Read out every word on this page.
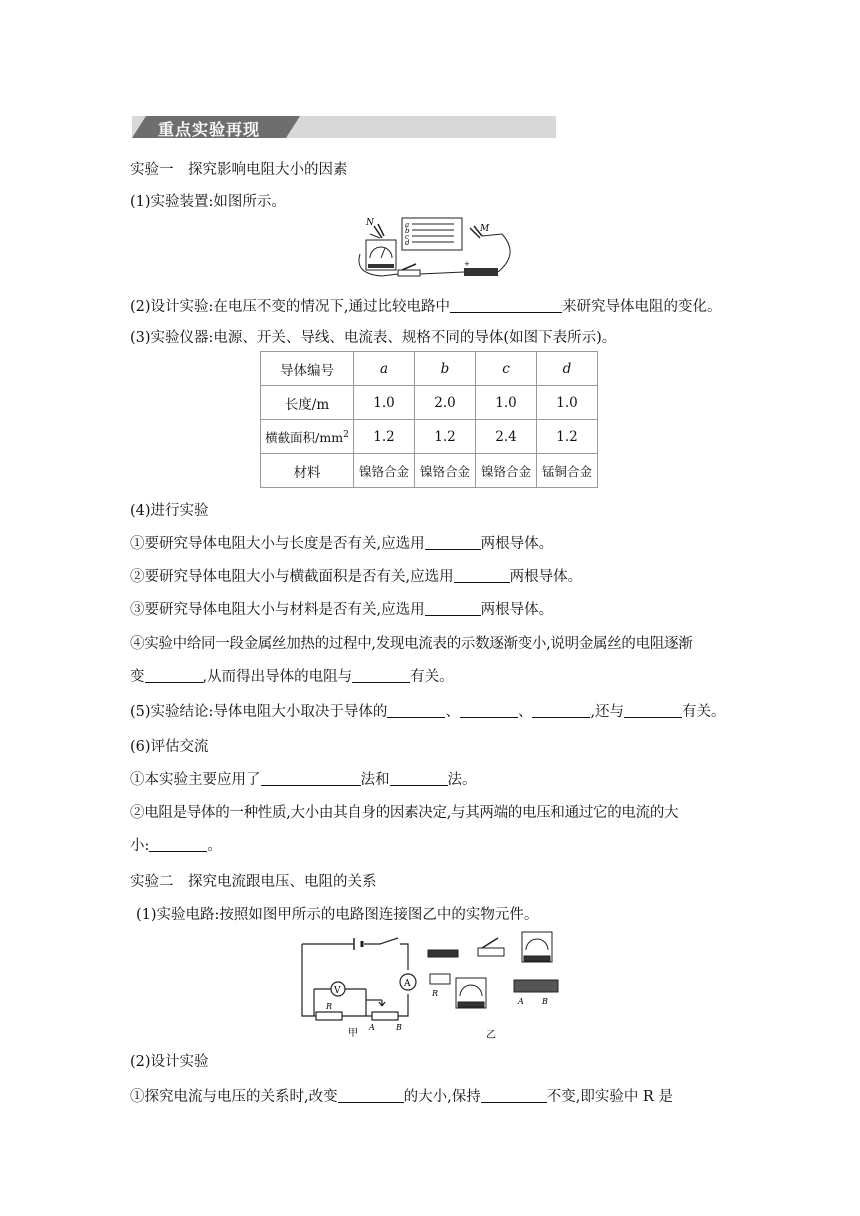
重点实验再现
实验一　探究影响电阻大小的因素
(1)实验装置:如图所示。
a
b
c
d
N
M
+
(2)设计实验:在电压不变的情况下,通过比较电路中	来研究导体电阻的变化。
(3)实验仪器:电源、开关、导线、电流表、规格不同的导体(如图下表所示)。
导体编号	a	b	c	d
长度/m	1.0	2.0	1.0	1.0
横截面积$/mm^2$	1.2	1.2	2.4	1.2
材料	镍铬合金	镍铬合金	镍铬合金	锰铜合金
(4)进行实验
①要研究导体电阻大小与长度是否有关,应选用	两根导体。
②要研究导体电阻大小与横截面积是否有关,应选用	两根导体。
③要研究导体电阻大小与材料是否有关,应选用	两根导体。
④实验中给同一段金属丝加热的过程中,发现电流表的示数逐渐变小,说明金属丝的电阻逐渐
变	,从而得出导体的电阻与	有关。
(5)实验结论:导体电阻大小取决于导体的	、	、	,还与	有关。
(6)评估交流
①本实验主要应用了	法和	法。
②电阻是导体的一种性质,大小由其自身的因素决定,与其两端的电压和通过它的电流的大
小:	。
实验二　探究电流跟电压、电阻的关系
(1)实验电路:按照如图甲所示的电路图连接图乙中的实物元件。
A
V
R
A	B
甲
R
A B
乙
(2)设计实验
①探究电流与电压的关系时,改变	的大小,保持	不变,即实验中 R 是
